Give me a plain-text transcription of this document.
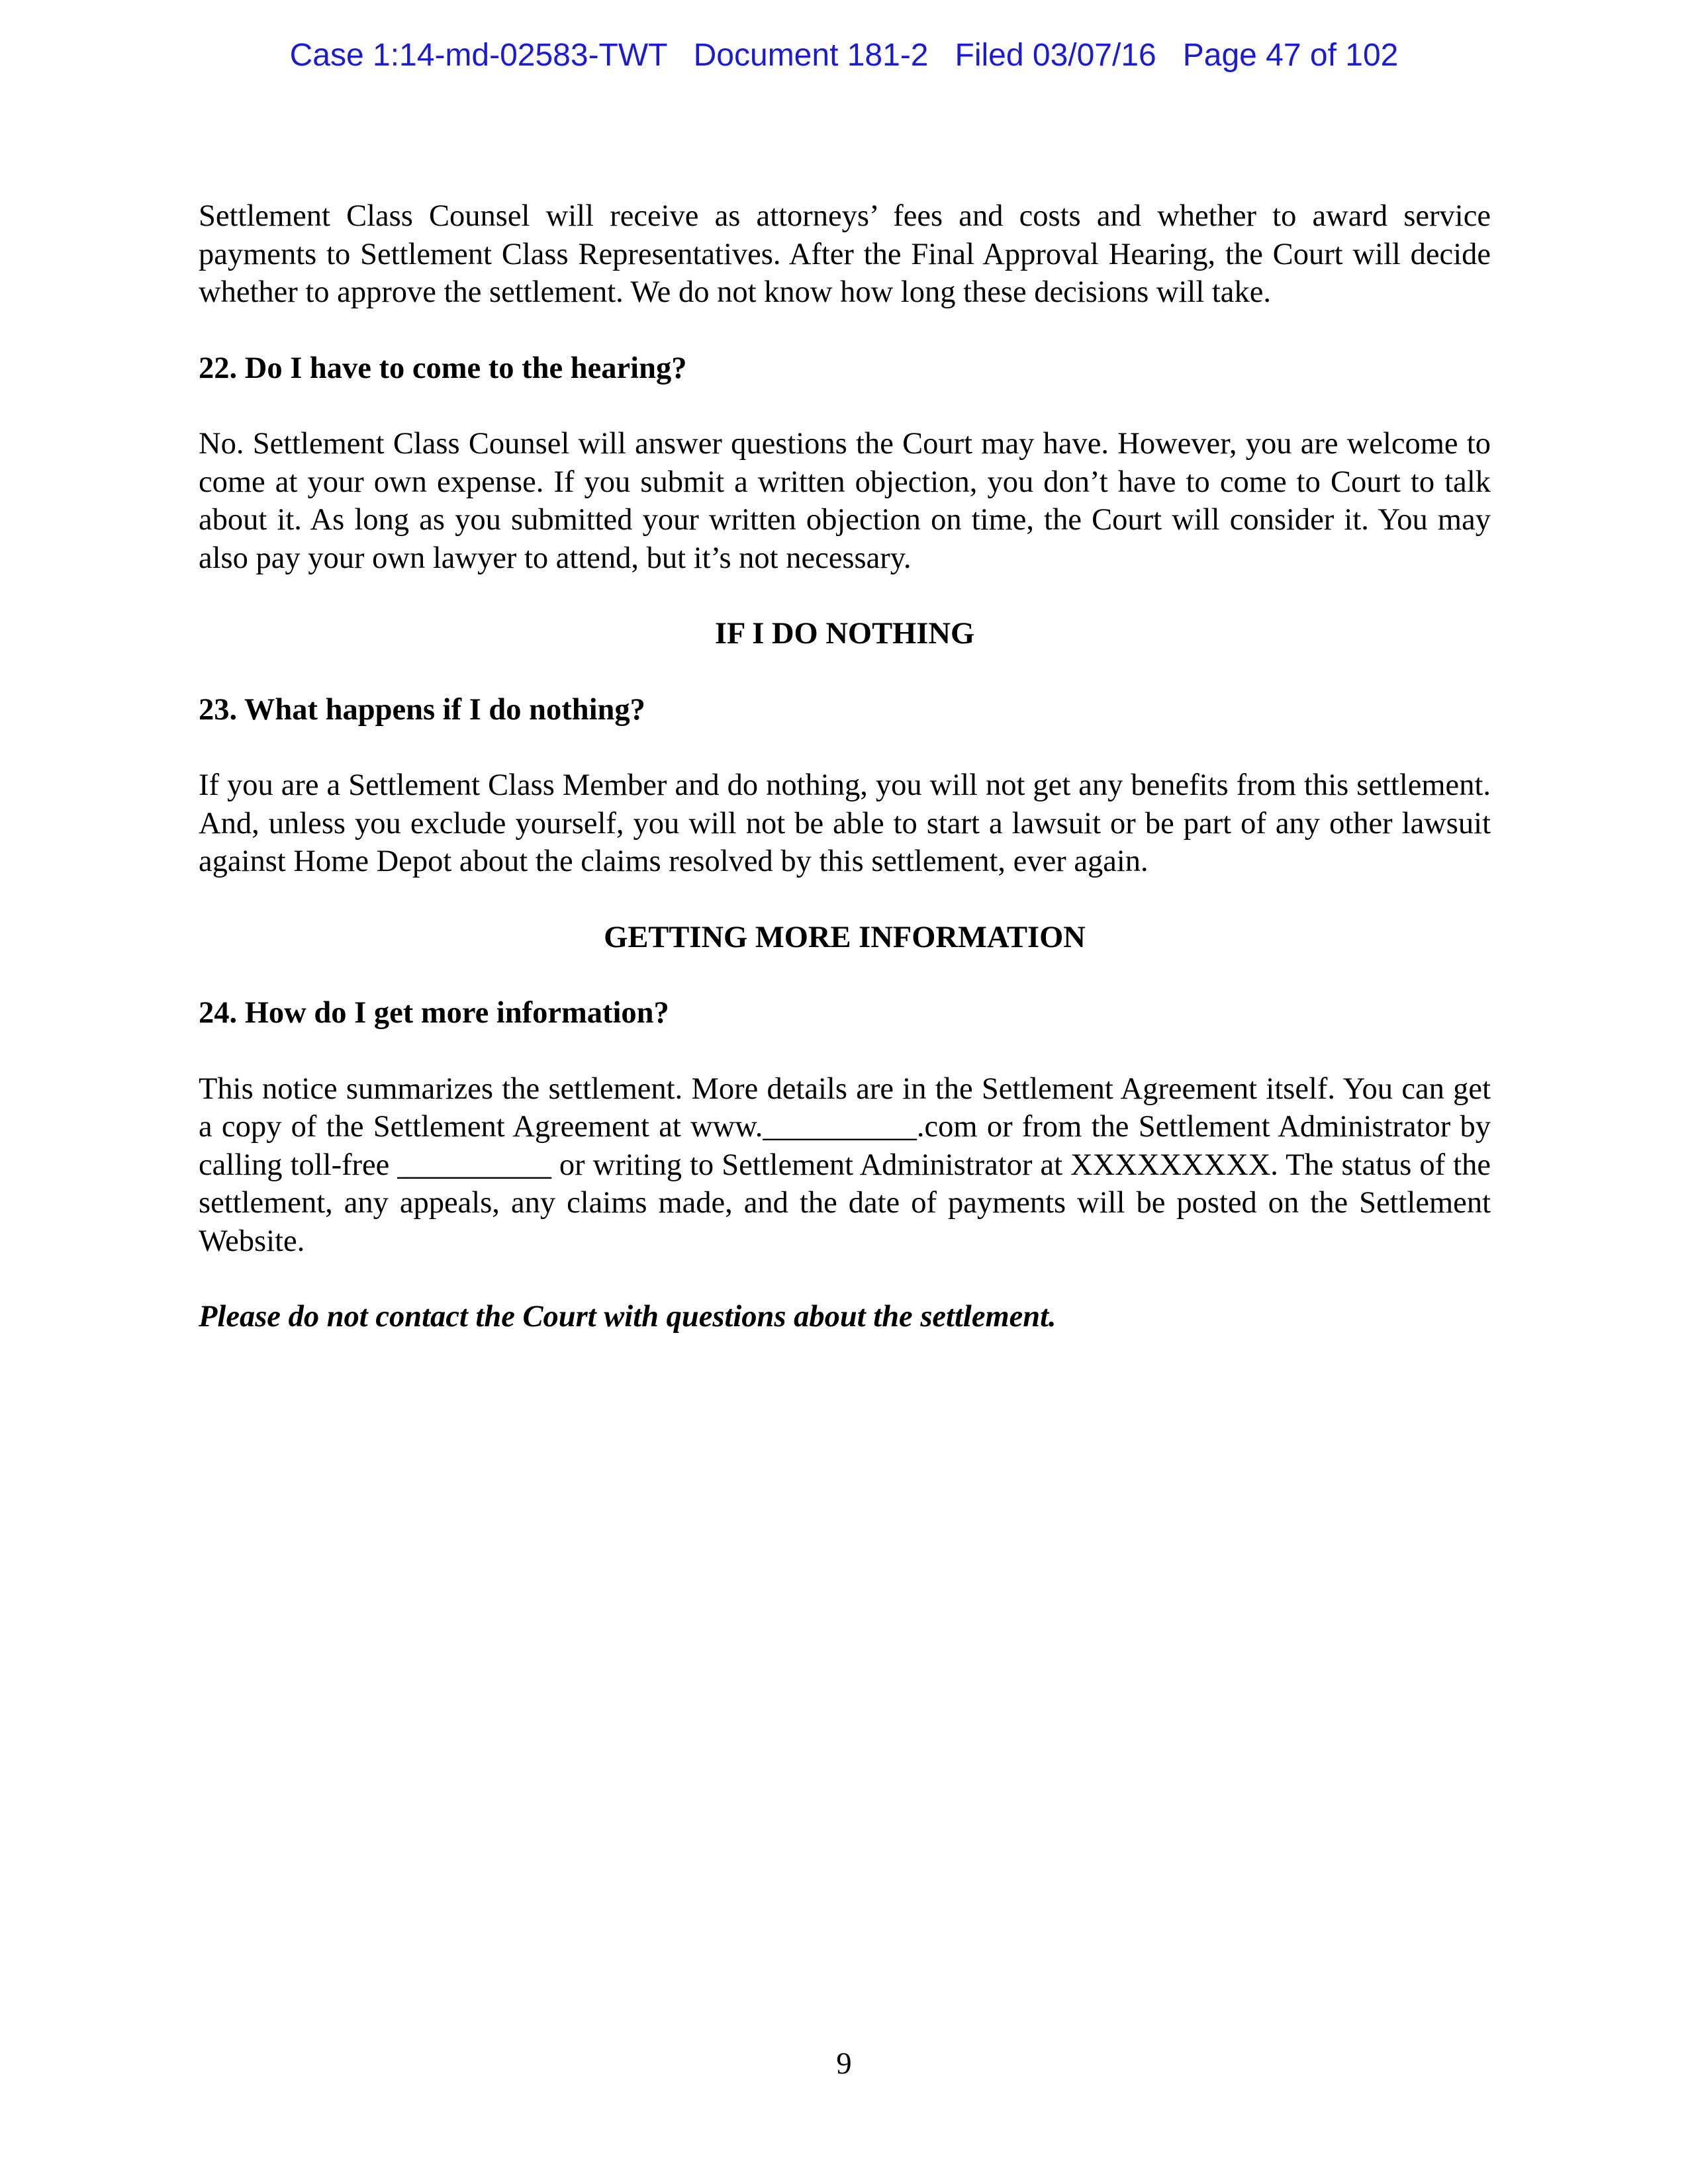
Case 1:14-md-02583-TWT   Document 181-2   Filed 03/07/16   Page 47 of 102

Settlement Class Counsel will receive as attorneys’ fees and costs and whether to award service payments to Settlement Class Representatives. After the Final Approval Hearing, the Court will decide whether to approve the settlement. We do not know how long these decisions will take.

22. Do I have to come to the hearing?

No. Settlement Class Counsel will answer questions the Court may have. However, you are welcome to come at your own expense. If you submit a written objection, you don’t have to come to Court to talk about it. As long as you submitted your written objection on time, the Court will consider it. You may also pay your own lawyer to attend, but it’s not necessary.

IF I DO NOTHING

23. What happens if I do nothing?

If you are a Settlement Class Member and do nothing, you will not get any benefits from this settlement. And, unless you exclude yourself, you will not be able to start a lawsuit or be part of any other lawsuit against Home Depot about the claims resolved by this settlement, ever again.

GETTING MORE INFORMATION

24. How do I get more information?

This notice summarizes the settlement. More details are in the Settlement Agreement itself. You can get a copy of the Settlement Agreement at www.__________.com or from the Settlement Administrator by calling toll-free __________ or writing to Settlement Administrator at XXXXXXXXX. The status of the settlement, any appeals, any claims made, and the date of payments will be posted on the Settlement Website.

Please do not contact the Court with questions about the settlement.

9
